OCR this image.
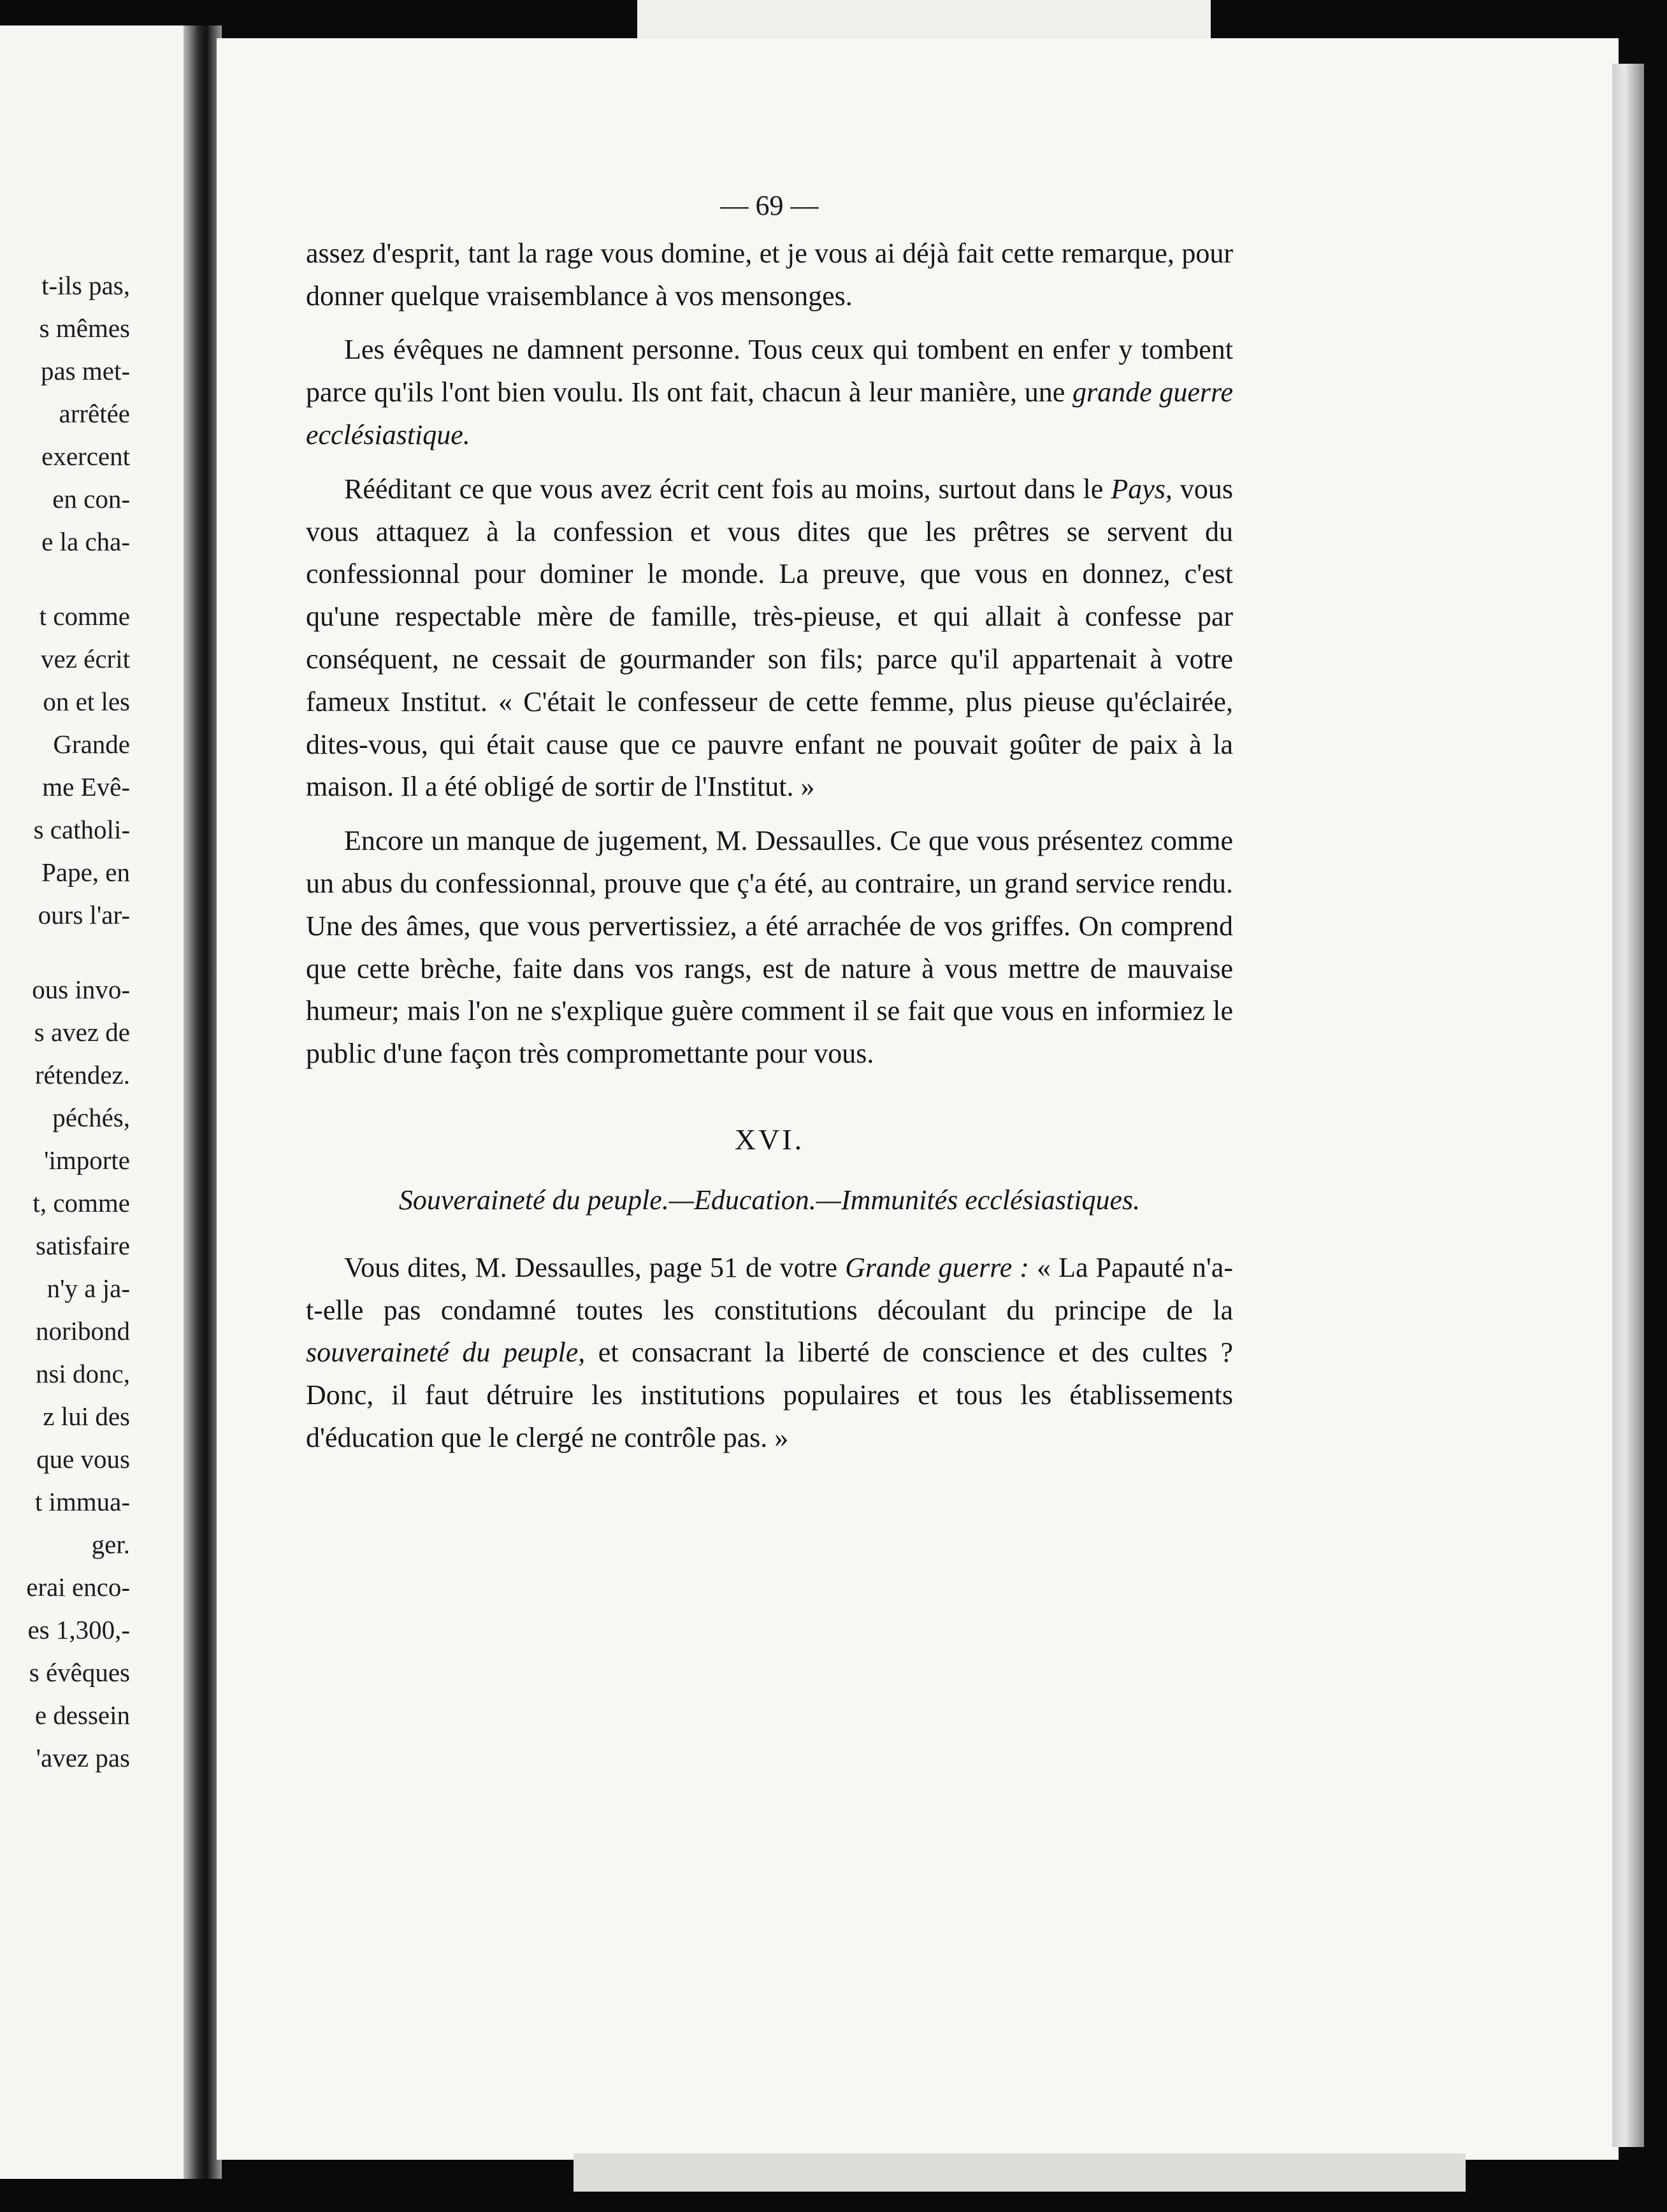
t-ils pas,
s mêmes
pas met-
arrêtée
exercent
en con-
e la cha-
t comme
vez écrit
on et les
Grande
me Evê-
s catholi-
Pape, en
ours l'ar-
ous invo-
s avez de
rétendez.
péchés,
'importe
t, comme
satisfaire
n'y a ja-
noribond
nsi donc,
z lui des
que vous
t immua-
ger.
erai enco-
es 1,300,-
s évêques
e dessein
'avez pas
— 69 —

assez d'esprit, tant la rage vous domine, et je vous ai déjà fait cette remarque, pour donner quelque vraisemblance à vos mensonges.

Les évêques ne damnent personne. Tous ceux qui tombent en enfer y tombent parce qu'ils l'ont bien voulu. Ils ont fait, chacun à leur manière, une grande guerre ecclésiastique.

Rééditant ce que vous avez écrit cent fois au moins, surtout dans le Pays, vous vous attaquez à la confession et vous dites que les prêtres se servent du confessionnal pour dominer le monde. La preuve, que vous en donnez, c'est qu'une respectable mère de famille, très-pieuse, et qui allait à confesse par conséquent, ne cessait de gourmander son fils; parce qu'il appartenait à votre fameux Institut. « C'était le confesseur de cette femme, plus pieuse qu'éclairée, dites-vous, qui était cause que ce pauvre enfant ne pouvait goûter de paix à la maison. Il a été obligé de sortir de l'Institut. »

Encore un manque de jugement, M. Dessaulles. Ce que vous présentez comme un abus du confessionnal, prouve que ç'a été, au contraire, un grand service rendu. Une des âmes, que vous pervertissiez, a été arrachée de vos griffes. On comprend que cette brèche, faite dans vos rangs, est de nature à vous mettre de mauvaise humeur; mais l'on ne s'explique guère comment il se fait que vous en informiez le public d'une façon très compromettante pour vous.

XVI.
Souveraineté du peuple.—Education.—Immunités ecclésiastiques.

Vous dites, M. Dessaulles, page 51 de votre Grande guerre : « La Papauté n'a-t-elle pas condamné toutes les constitutions découlant du principe de la souveraineté du peuple, et consacrant la liberté de conscience et des cultes ? Donc, il faut détruire les institutions populaires et tous les établissements d'éducation que le clergé ne contrôle pas. »
